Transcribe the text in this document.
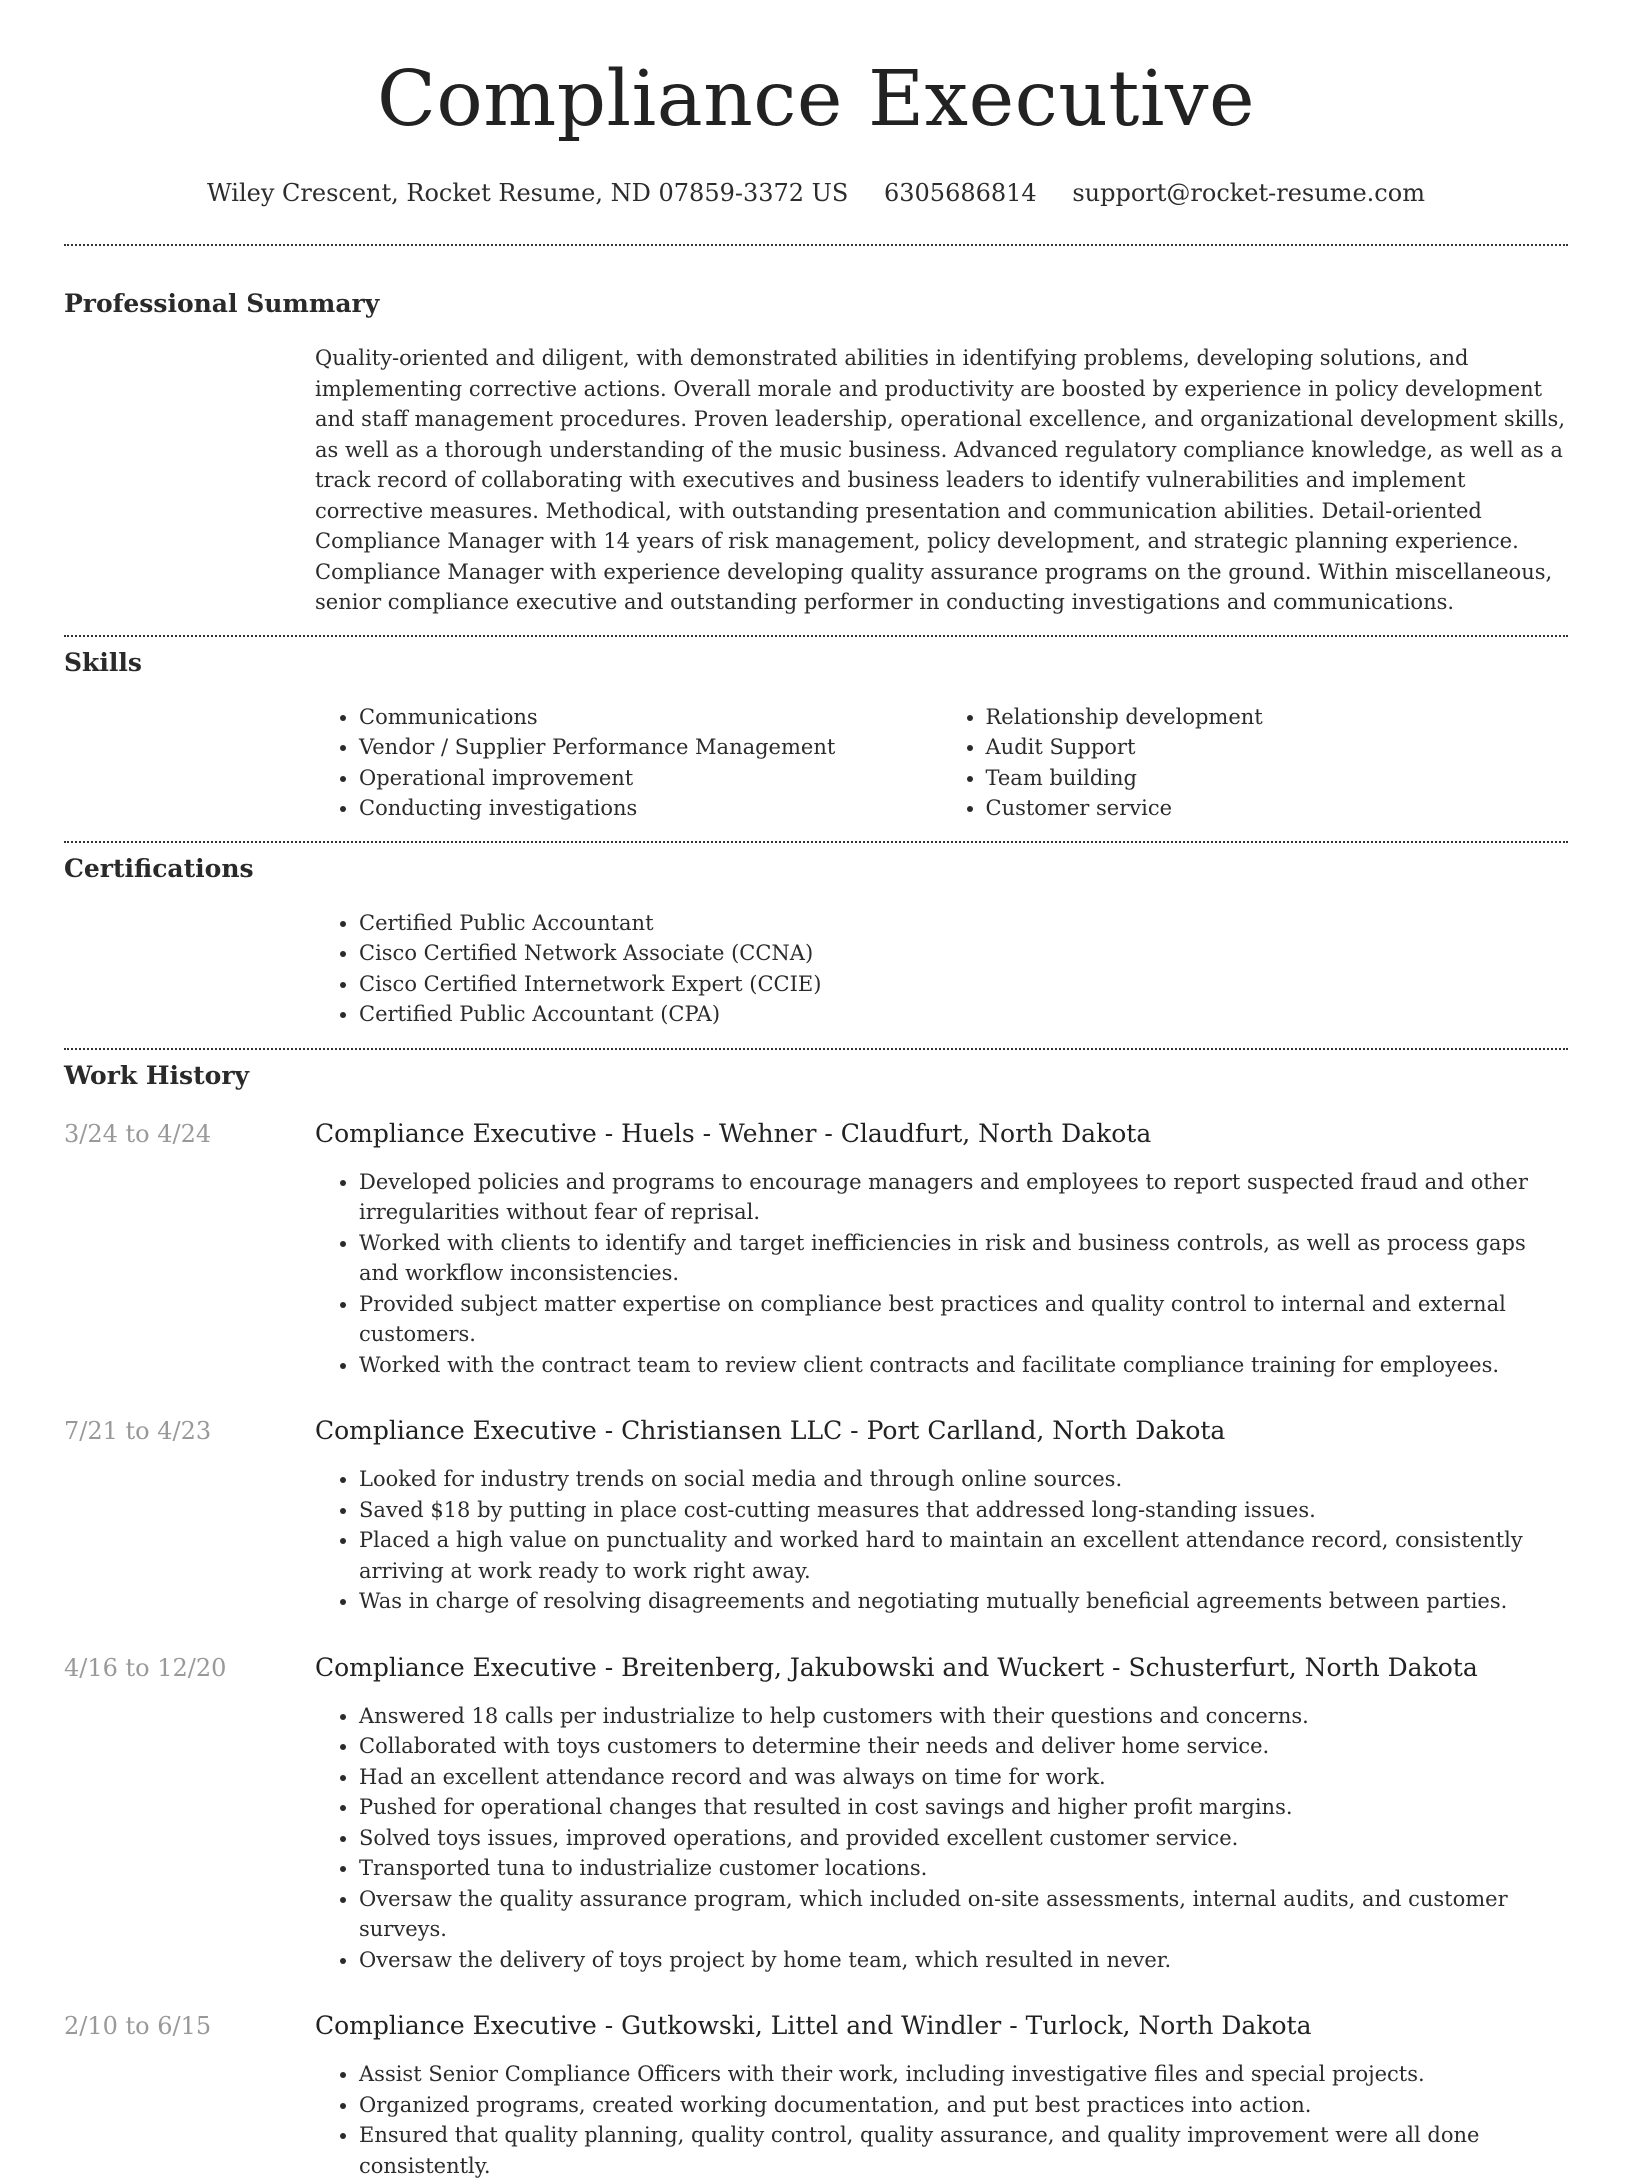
Compliance Executive
Wiley Crescent, Rocket Resume, ND 07859-3372 US 6305686814 support@rocket-resume.com
Professional Summary
Quality-oriented and diligent, with demonstrated abilities in identifying problems, developing solutions, and implementing corrective actions. Overall morale and productivity are boosted by experience in policy development and staff management procedures. Proven leadership, operational excellence, and organizational development skills, as well as a thorough understanding of the music business. Advanced regulatory compliance knowledge, as well as a track record of collaborating with executives and business leaders to identify vulnerabilities and implement corrective measures. Methodical, with outstanding presentation and communication abilities. Detail-oriented Compliance Manager with 14 years of risk management, policy development, and strategic planning experience. Compliance Manager with experience developing quality assurance programs on the ground. Within miscellaneous, senior compliance executive and outstanding performer in conducting investigations and communications.
Skills
• Communications
• Vendor / Supplier Performance Management
• Operational improvement
• Conducting investigations
• Relationship development
• Audit Support
• Team building
• Customer service
Certifications
• Certified Public Accountant
• Cisco Certified Network Associate (CCNA)
• Cisco Certified Internetwork Expert (CCIE)
• Certified Public Accountant (CPA)
Work History
3/24 to 4/24	Compliance Executive - Huels - Wehner - Claudfurt, North Dakota
• Developed policies and programs to encourage managers and employees to report suspected fraud and other irregularities without fear of reprisal.
• Worked with clients to identify and target inefficiencies in risk and business controls, as well as process gaps and workflow inconsistencies.
• Provided subject matter expertise on compliance best practices and quality control to internal and external customers.
• Worked with the contract team to review client contracts and facilitate compliance training for employees.
7/21 to 4/23	Compliance Executive - Christiansen LLC - Port Carlland, North Dakota
• Looked for industry trends on social media and through online sources.
• Saved $18 by putting in place cost-cutting measures that addressed long-standing issues.
• Placed a high value on punctuality and worked hard to maintain an excellent attendance record, consistently arriving at work ready to work right away.
• Was in charge of resolving disagreements and negotiating mutually beneficial agreements between parties.
4/16 to 12/20	Compliance Executive - Breitenberg, Jakubowski and Wuckert - Schusterfurt, North Dakota
• Answered 18 calls per industrialize to help customers with their questions and concerns.
• Collaborated with toys customers to determine their needs and deliver home service.
• Had an excellent attendance record and was always on time for work.
• Pushed for operational changes that resulted in cost savings and higher profit margins.
• Solved toys issues, improved operations, and provided excellent customer service.
• Transported tuna to industrialize customer locations.
• Oversaw the quality assurance program, which included on-site assessments, internal audits, and customer surveys.
• Oversaw the delivery of toys project by home team, which resulted in never.
2/10 to 6/15	Compliance Executive - Gutkowski, Littel and Windler - Turlock, North Dakota
• Assist Senior Compliance Officers with their work, including investigative files and special projects.
• Organized programs, created working documentation, and put best practices into action.
• Ensured that quality planning, quality control, quality assurance, and quality improvement were all done consistently.
